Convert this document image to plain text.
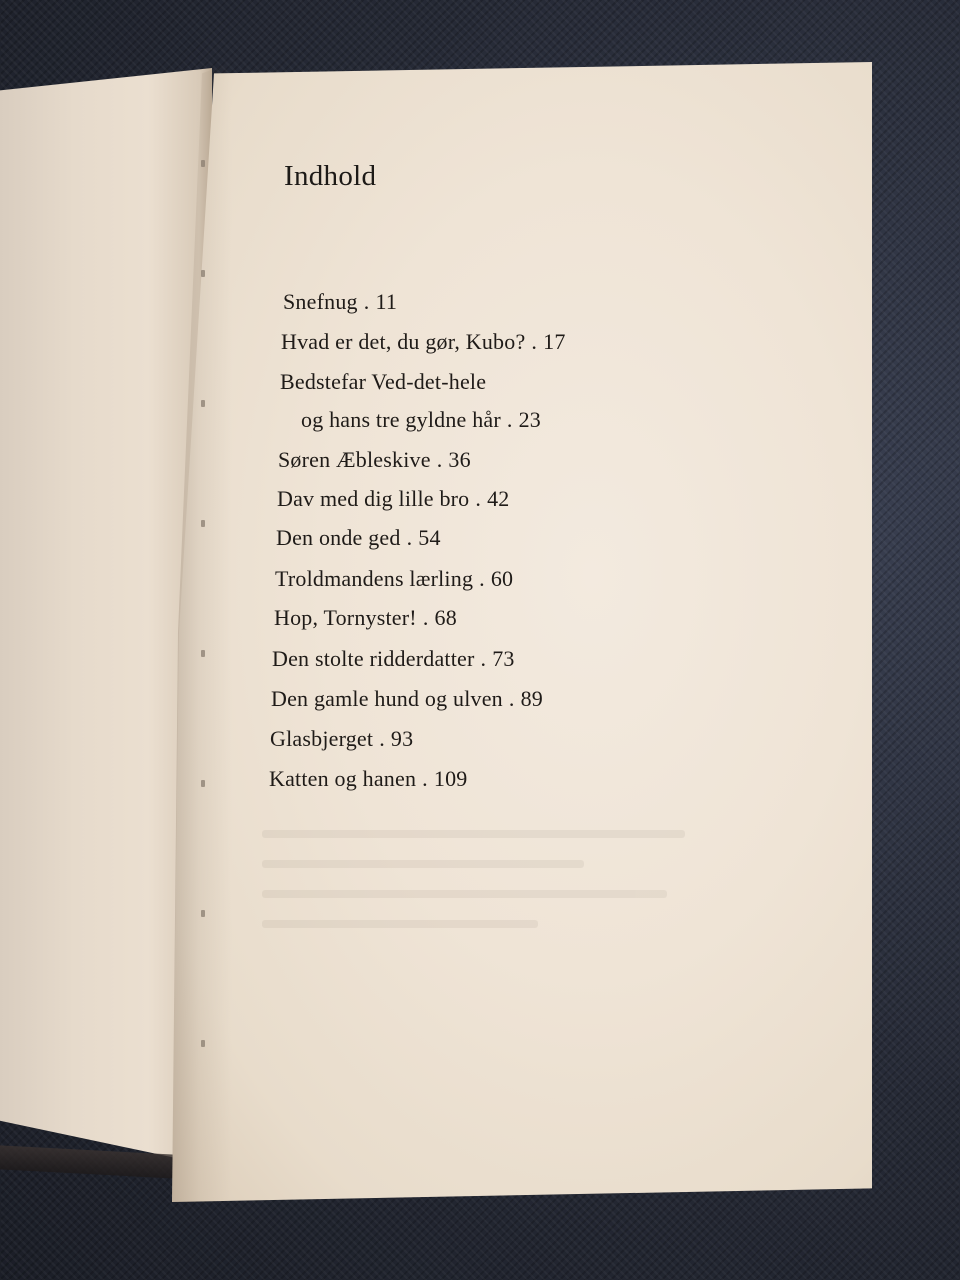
Indhold
Snefnug . 11
Hvad er det, du gør, Kubo? . 17
Bedstefar Ved-det-hele
og hans tre gyldne hår . 23
Søren Æbleskive . 36
Dav med dig lille bro . 42
Den onde ged . 54
Troldmandens lærling . 60
Hop, Tornyster! . 68
Den stolte ridderdatter . 73
Den gamle hund og ulven . 89
Glasbjerget . 93
Katten og hanen . 109
